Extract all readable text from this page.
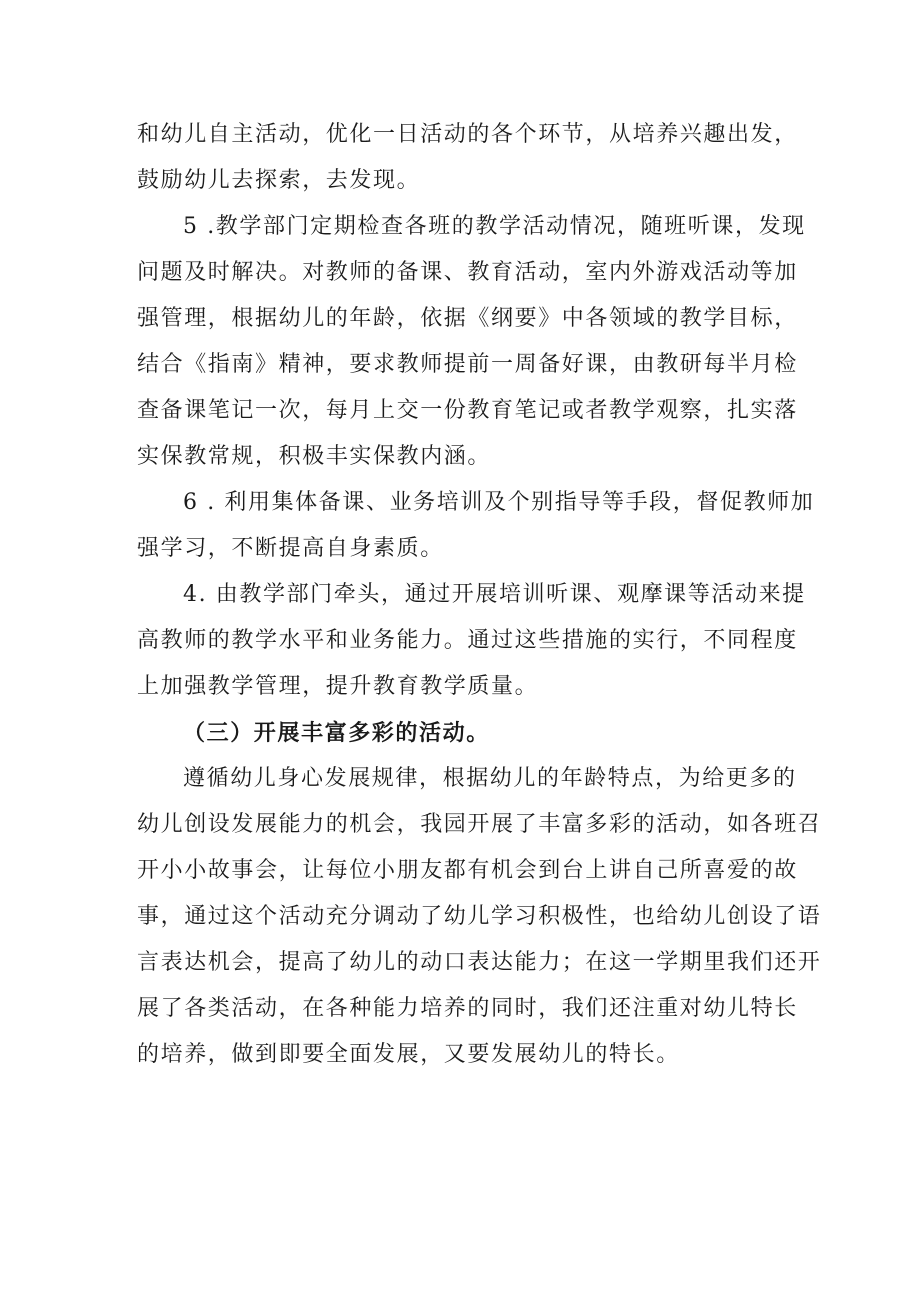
和幼儿自主活动，优化一日活动的各个环节，从培养兴趣出发，
鼓励幼儿去探索，去发现。

5 .教学部门定期检查各班的教学活动情况，随班听课，发现
问题及时解决。对教师的备课、教育活动，室内外游戏活动等加
强管理，根据幼儿的年龄，依据《纲要》中各领域的教学目标，
结合《指南》精神，要求教师提前一周备好课，由教研每半月检
查备课笔记一次，每月上交一份教育笔记或者教学观察，扎实落
实保教常规，积极丰实保教内涵。

6 . 利用集体备课、业务培训及个别指导等手段，督促教师加
强学习，不断提高自身素质。

4. 由教学部门牵头，通过开展培训听课、观摩课等活动来提
高教师的教学水平和业务能力。通过这些措施的实行，不同程度
上加强教学管理，提升教育教学质量。

（三）开展丰富多彩的活动。

遵循幼儿身心发展规律，根据幼儿的年龄特点，为给更多的
幼儿创设发展能力的机会，我园开展了丰富多彩的活动，如各班召
开小小故事会，让每位小朋友都有机会到台上讲自己所喜爱的故
事，通过这个活动充分调动了幼儿学习积极性，也给幼儿创设了语
言表达机会，提高了幼儿的动口表达能力；在这一学期里我们还开
展了各类活动，在各种能力培养的同时，我们还注重对幼儿特长
的培养，做到即要全面发展，又要发展幼儿的特长。
